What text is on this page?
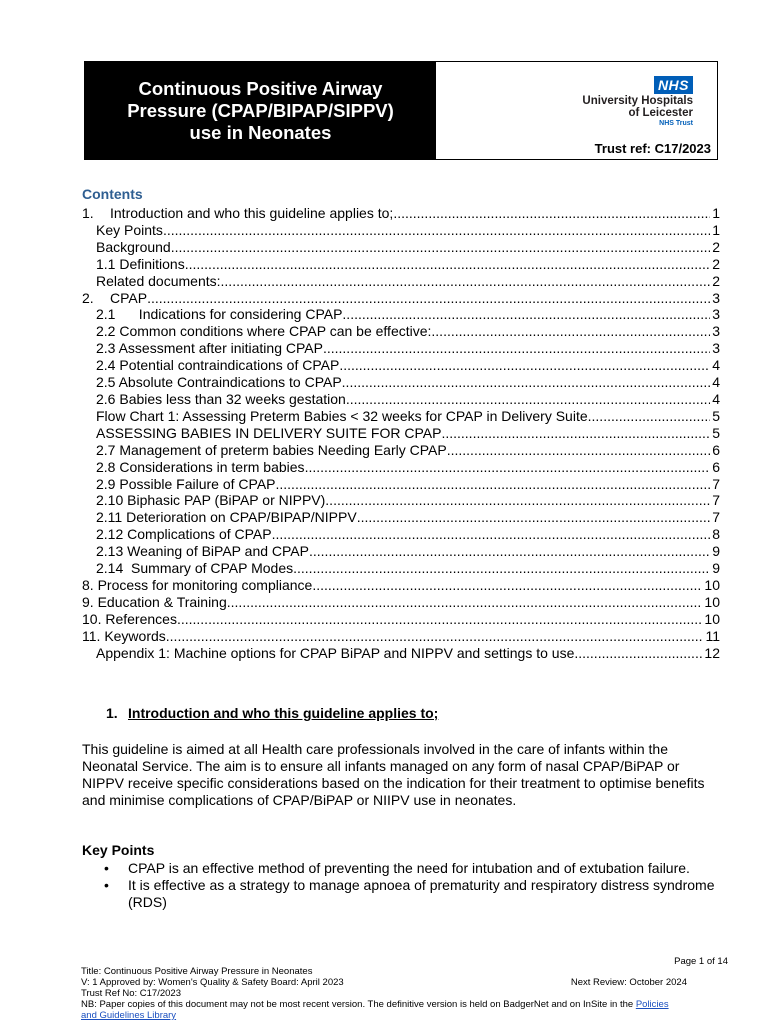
Continuous Positive Airway
Pressure (CPAP/BIPAP/SIPPV)
use in Neonates
NHS
University Hospitals
of Leicester
NHS Trust
Trust ref: C17/2023
Contents
1. Introduction and who this guideline applies to; .....	1
Key Points .....	1
Background .....	2
1.1 Definitions. .....	2
Related documents: .....	2
2. CPAP .....	3
2.1      Indications for considering CPAP .....	3
2.2 Common conditions where CPAP can be effective: .....	3
2.3 Assessment after initiating CPAP .....	3
2.4 Potential contraindications of CPAP .....	4
2.5 Absolute Contraindications to CPAP .....	4
2.6 Babies less than 32 weeks gestation .....	4
Flow Chart 1: Assessing Preterm Babies < 32 weeks for CPAP in Delivery Suite .....	5
ASSESSING BABIES IN DELIVERY SUITE FOR CPAP .....	5
2.7 Management of preterm babies Needing Early CPAP .....	6
2.8 Considerations in term babies .....	6
2.9 Possible Failure of CPAP .....	7
2.10 Biphasic PAP (BiPAP or NIPPV) .....	7
2.11 Deterioration on CPAP/BIPAP/NIPPV .....	7
2.12 Complications of CPAP .....	8
2.13 Weaning of BiPAP and CPAP .....	9
2.14  Summary of CPAP Modes. .....	9
8. Process for monitoring compliance .....	10
9. Education & Training. .....	10
10. References. .....	10
11. Keywords .....	11
Appendix 1: Machine options for CPAP BiPAP and NIPPV and settings to use. .....	12
1. Introduction and who this guideline applies to;
This guideline is aimed at all Health care professionals involved in the care of infants within the Neonatal Service. The aim is to ensure all infants managed on any form of nasal CPAP/BiPAP or NIPPV receive specific considerations based on the indication for their treatment to optimise benefits and minimise complications of CPAP/BiPAP or NIIPV use in neonates.
Key Points
• CPAP is an effective method of preventing the need for intubation and of extubation failure.
• It is effective as a strategy to manage apnoea of prematurity and respiratory distress syndrome (RDS)
Page 1 of 14
Title: Continuous Positive Airway Pressure in Neonates
V: 1 Approved by: Women's Quality & Safety Board: April 2023	Next Review: October 2024
Trust Ref No: C17/2023
NB: Paper copies of this document may not be most recent version. The definitive version is held on BadgerNet and on InSite in the Policies
and Guidelines Library
